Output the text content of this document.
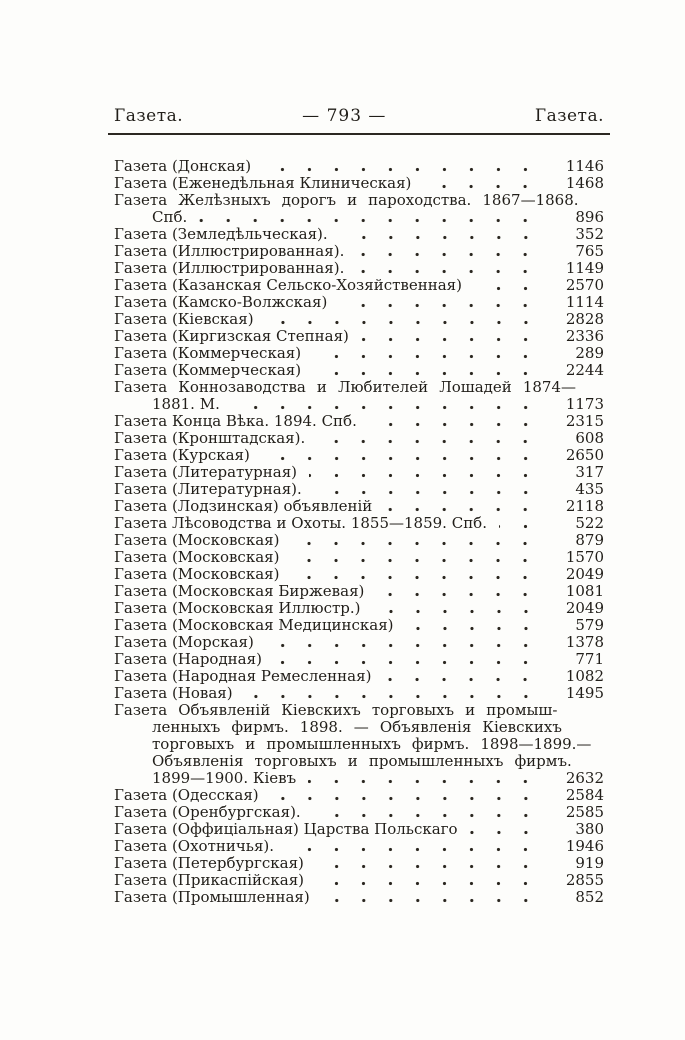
Газета.	— 793 —	Газета.
Газета (Донская)	1146
Газета (Еженедѣльная Клиническая)	1468
Газета Желѣзныхъ дорогъ и пароходства. 1867—1868.
Спб.	896
Газета (Земледѣльческая).	352
Газета (Иллюстрированная).	765
Газета (Иллюстрированная).	1149
Газета (Казанская Сельско-Хозяйственная)	2570
Газета (Камско-Волжская)	1114
Газета (Кіевская)	2828
Газета (Киргизская Степная)	2336
Газета (Коммерческая)	289
Газета (Коммерческая)	2244
Газета Коннозаводства и Любителей Лошадей 1874—
1881. М.	1173
Газета Конца Вѣка. 1894. Спб.	2315
Газета (Кронштадская).	608
Газета (Курская)	2650
Газета (Литературная)	317
Газета (Литературная).	435
Газета (Лодзинская) объявленій	2118
Газета Лѣсоводства и Охоты. 1855—1859. Спб.	522
Газета (Московская)	879
Газета (Московская)	1570
Газета (Московская)	2049
Газета (Московская Биржевая)	1081
Газета (Московская Иллюстр.)	2049
Газета (Московская Медицинская)	579
Газета (Морская)	1378
Газета (Народная)	771
Газета (Народная Ремесленная)	1082
Газета (Новая)	1495
Газета Объявленій Кіевскихъ торговыхъ и промыш-
ленныхъ фирмъ. 1898. — Объявленія Кіевскихъ
торговыхъ и промышленныхъ фирмъ. 1898—1899.—
Объявленія торговыхъ и промышленныхъ фирмъ.
1899—1900. Кіевъ	2632
Газета (Одесская)	2584
Газета (Оренбургская).	2585
Газета (Оффиціальная) Царства Польскаго	380
Газета (Охотничья).	1946
Газета (Петербургская)	919
Газета (Прикаспійская)	2855
Газета (Промышленная)	852
